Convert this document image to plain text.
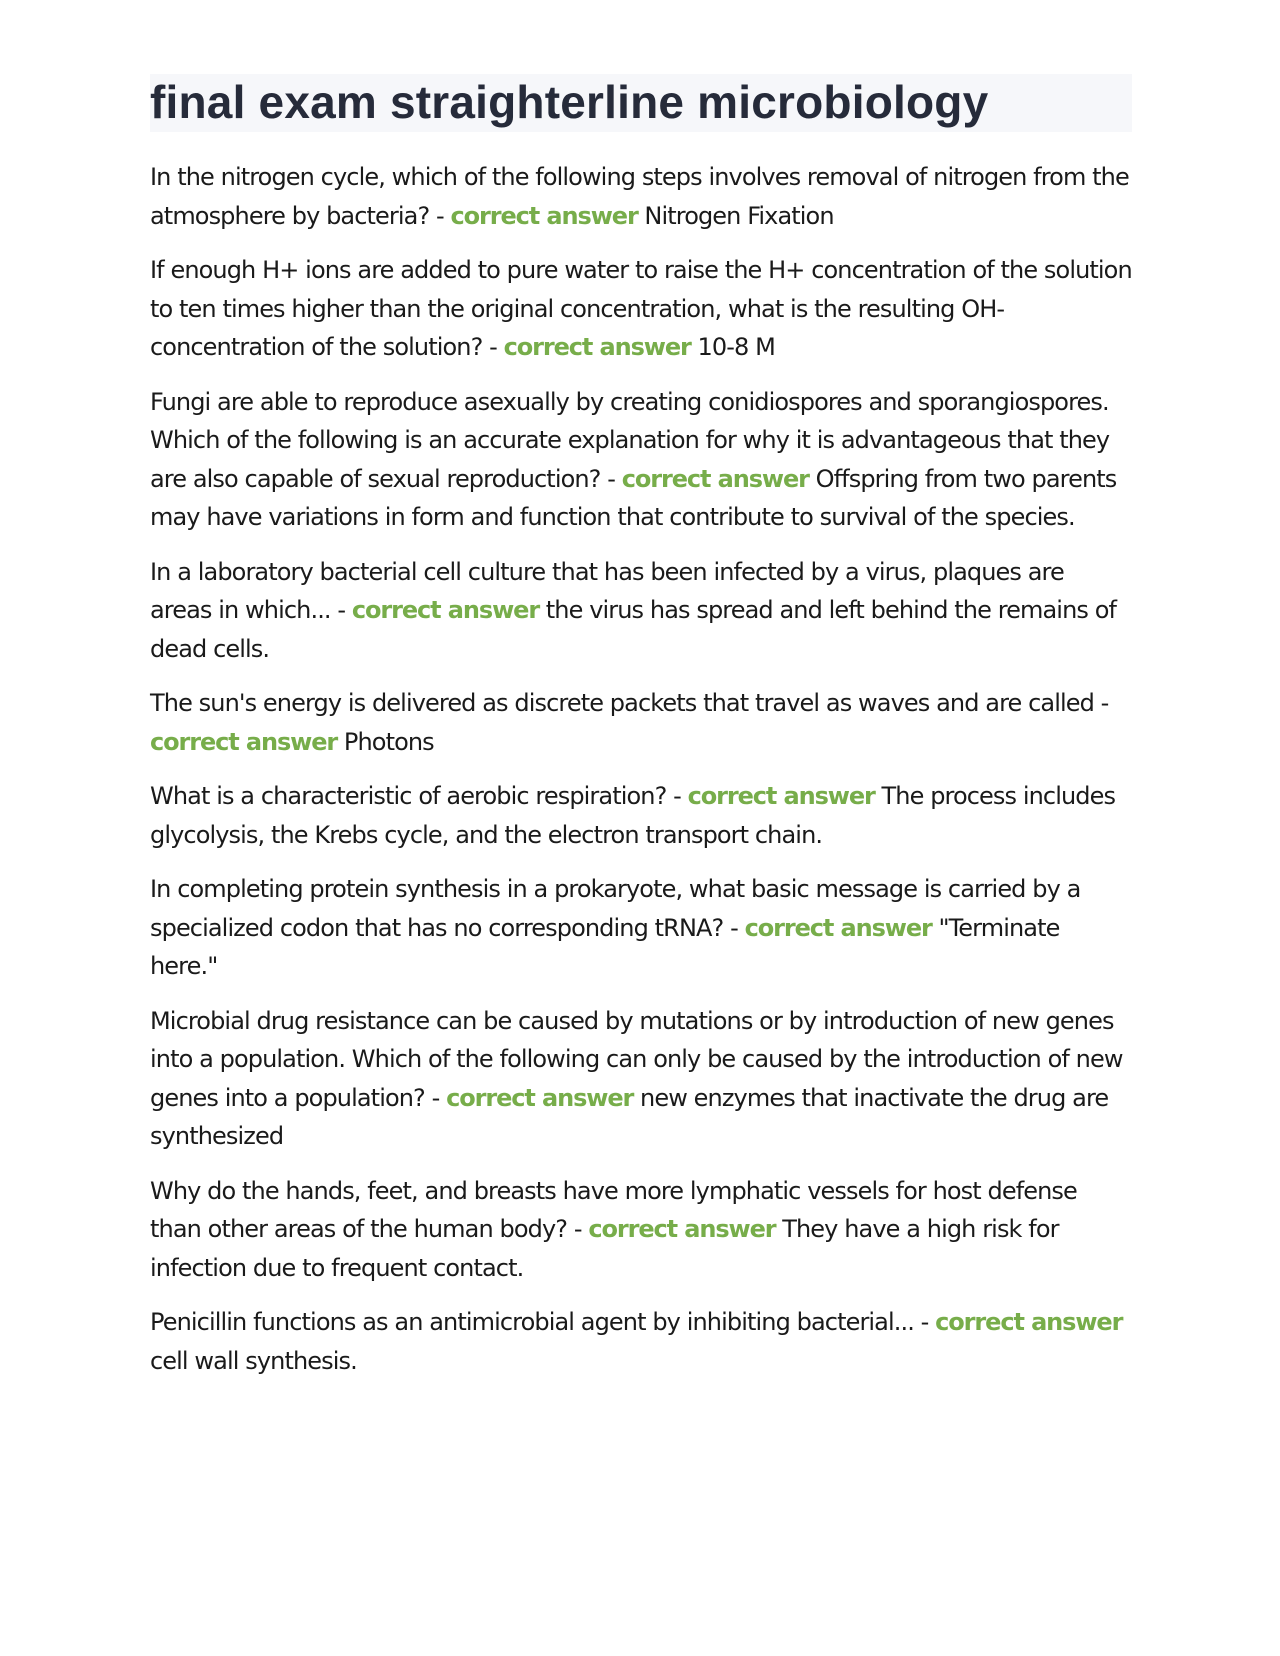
final exam straighterline microbiology

In the nitrogen cycle, which of the following steps involves removal of nitrogen from the atmosphere by bacteria? - correct answer Nitrogen Fixation

If enough H+ ions are added to pure water to raise the H+ concentration of the solution to ten times higher than the original concentration, what is the resulting OH- concentration of the solution? - correct answer 10-8 M

Fungi are able to reproduce asexually by creating conidiospores and sporangiospores. Which of the following is an accurate explanation for why it is advantageous that they are also capable of sexual reproduction? - correct answer Offspring from two parents may have variations in form and function that contribute to survival of the species.

In a laboratory bacterial cell culture that has been infected by a virus, plaques are areas in which... - correct answer the virus has spread and left behind the remains of dead cells.

The sun's energy is delivered as discrete packets that travel as waves and are called - correct answer Photons

What is a characteristic of aerobic respiration? - correct answer The process includes glycolysis, the Krebs cycle, and the electron transport chain.

In completing protein synthesis in a prokaryote, what basic message is carried by a specialized codon that has no corresponding tRNA? - correct answer "Terminate here."

Microbial drug resistance can be caused by mutations or by introduction of new genes into a population. Which of the following can only be caused by the introduction of new genes into a population? - correct answer new enzymes that inactivate the drug are synthesized

Why do the hands, feet, and breasts have more lymphatic vessels for host defense than other areas of the human body? - correct answer They have a high risk for infection due to frequent contact.

Penicillin functions as an antimicrobial agent by inhibiting bacterial... - correct answer cell wall synthesis.
